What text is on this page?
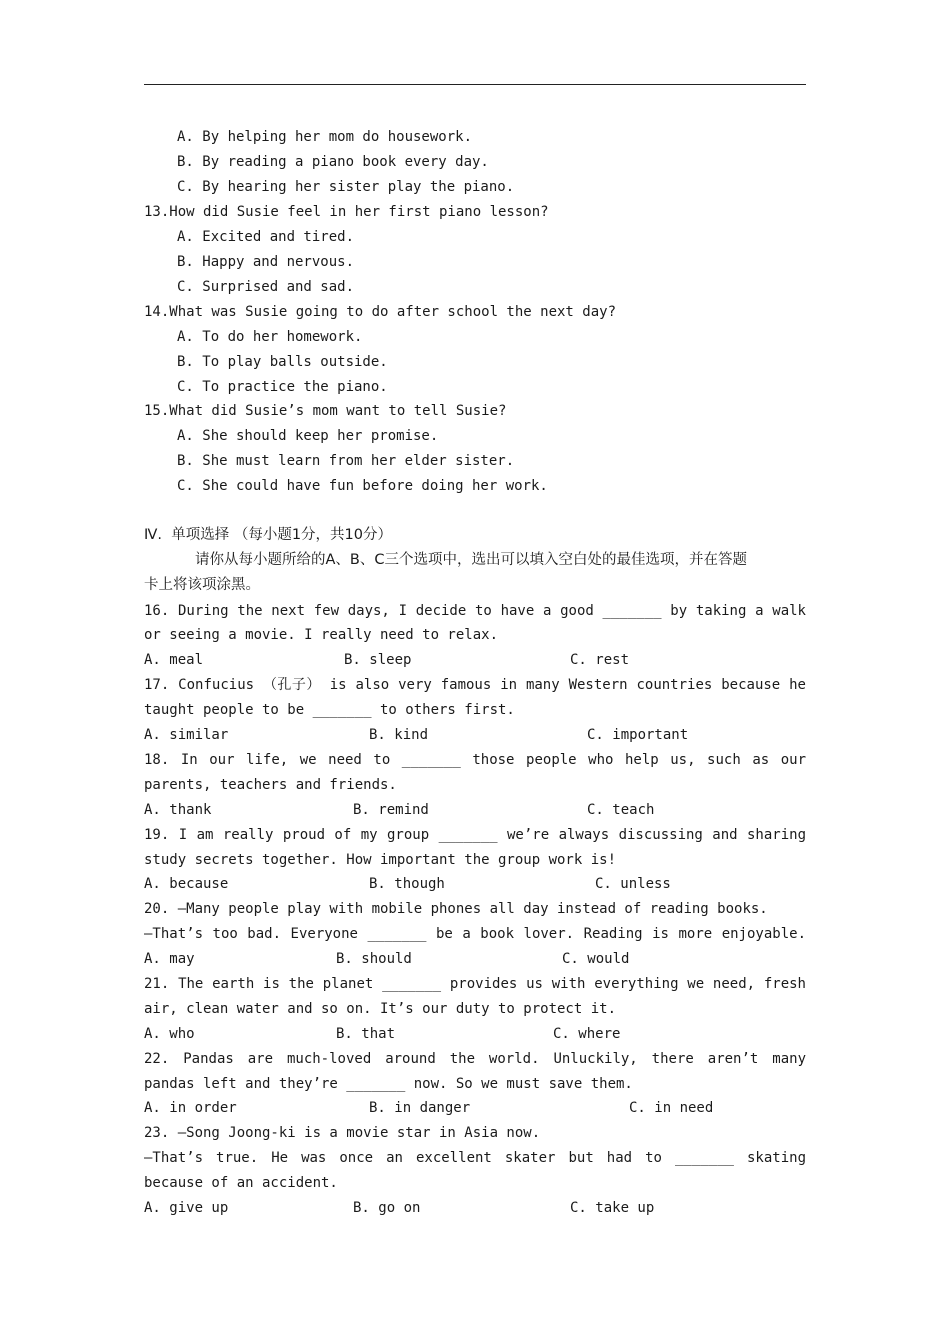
A. By helping her mom do housework.
B. By reading a piano book every day.
C. By hearing her sister play the piano.
13.How did Susie feel in her first piano lesson?
A. Excited and tired.
B. Happy and nervous.
C. Surprised and sad.
14.What was Susie going to do after school the next day?
A. To do her homework.
B. To play balls outside.
C. To practice the piano.
15.What did Susie’s mom want to tell Susie?
A. She should keep her promise.
B. She must learn from her elder sister.
C. She could have fun before doing her work.
Ⅳ.  单项选择 （每小题1分，共10分）
请你从每小题所给的A、B、C三个选项中，选出可以填入空白处的最佳选项，并在答题
卡上将该项涂黑。
16. During the next few days, I decide to have a good _______ by taking a walk
or seeing a movie. I really need to relax.

A. meal

	B. sleep

	C. rest

17. Confucius （孔子） is also very famous in many Western countries because he
taught people to be _______ to others first.

A. similar

	B. kind

	C. important

18. In our life, we need to _______ those people who help us, such as our
parents, teachers and friends.

A. thank

	B. remind

	C. teach

19. I am really proud of my group _______ we’re always discussing and sharing
study secrets together. How important the group work is!

A. because

	B. though

	C. unless

20. —Many people play with mobile phones all day instead of reading books.
—That’s too bad. Everyone _______ be a book lover. Reading is more enjoyable.

A. may

	B. should

	C. would

21. The earth is the planet _______ provides us with everything we need, fresh
air, clean water and so on. It’s our duty to protect it.

A. who

	B. that

	C. where

22. Pandas are much-loved around the world. Unluckily, there aren’t many
pandas left and they’re _______ now. So we must save them.

A. in order

	B. in danger

	C. in need

23. —Song Joong-ki is a movie star in Asia now.
—That’s true. He was once an excellent skater but had to _______ skating
because of an accident.

A. give up

	B. go on

	C. take up
